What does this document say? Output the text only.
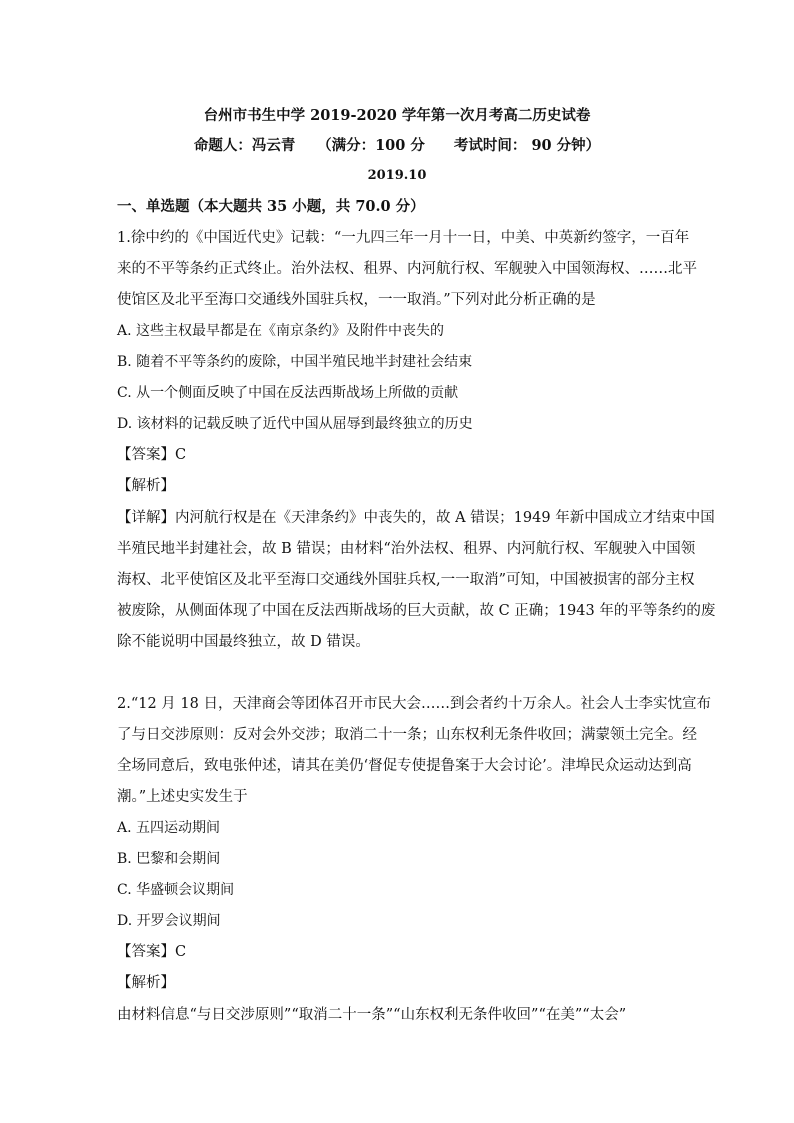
台州市书生中学 2019-2020 学年第一次月考高二历史试卷
命题人：冯云青　　（满分：100 分　　考试时间： 90 分钟）
2019.10
一、单选题（本大题共 35 小题，共 70.0 分）
1.徐中约的《中国近代史》记载：“一九四三年一月十一日，中美、中英新约签字，一百年
来的不平等条约正式终止。治外法权、租界、内河航行权、军舰驶入中国领海权、……北平
使馆区及北平至海口交通线外国驻兵权，一一取消。”下列对此分析正确的是
A. 这些主权最早都是在《南京条约》及附件中丧失的
B. 随着不平等条约的废除，中国半殖民地半封建社会结束
C. 从一个侧面反映了中国在反法西斯战场上所做的贡献
D. 该材料的记载反映了近代中国从屈辱到最终独立的历史
【答案】C
【解析】
【详解】内河航行权是在《天津条约》中丧失的，故 A 错误；1949 年新中国成立才结束中国
半殖民地半封建社会，故 B 错误；由材料“治外法权、租界、内河航行权、军舰驶入中国领
海权、北平使馆区及北平至海口交通线外国驻兵权,一一取消”可知，中国被损害的部分主权
被废除，从侧面体现了中国在反法西斯战场的巨大贡献，故 C 正确；1943 年的平等条约的废
除不能说明中国最终独立，故 D 错误。
2.“12 月 18 日，天津商会等团体召开市民大会……到会者约十万余人。社会人士李实忱宣布
了与日交涉原则：反对会外交涉；取消二十一条；山东权利无条件收回；满蒙领土完全。经
全场同意后，致电张仲述，请其在美仍‘督促专使提鲁案于大会讨论’。津埠民众运动达到高
潮。”上述史实发生于
A. 五四运动期间
B. 巴黎和会期间
C. 华盛顿会议期间
D. 开罗会议期间
【答案】C
【解析】
由材料信息“与日交涉原则”“取消二十一条”“山东权利无条件收回”“在美”“太会”
